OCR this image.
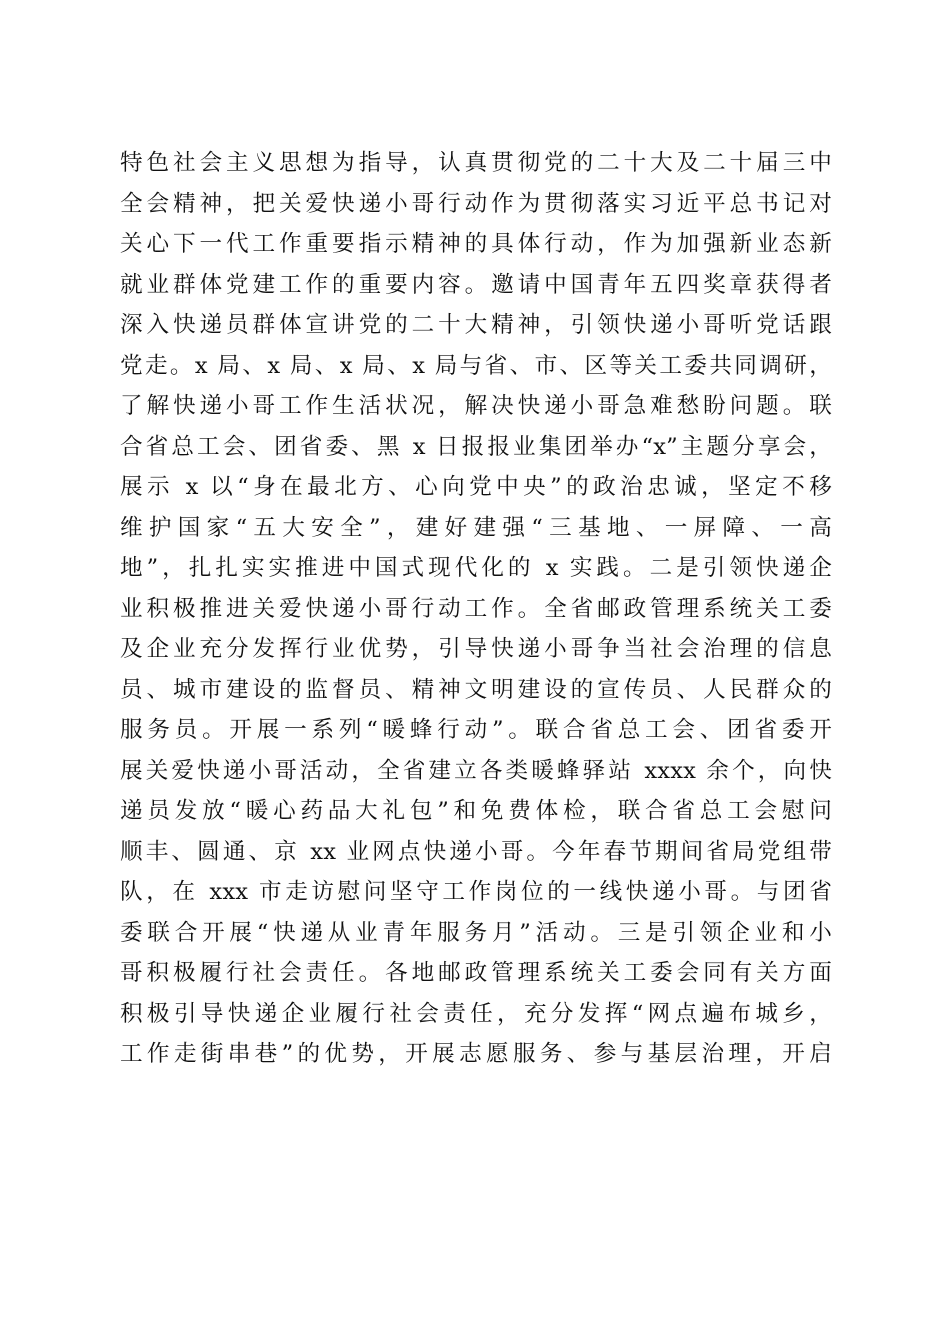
特色社会主义思想为指导，认真贯彻党的二十大及二十届三中
全会精神，把关爱快递小哥行动作为贯彻落实习近平总书记对
关心下一代工作重要指示精神的具体行动，作为加强新业态新
就业群体党建工作的重要内容。邀请中国青年五四奖章获得者
深入快递员群体宣讲党的二十大精神，引领快递小哥听党话跟
党走。x 局、x 局、x 局、x 局与省、市、区等关工委共同调研，
了解快递小哥工作生活状况，解决快递小哥急难愁盼问题。联
合省总工会、团省委、黑 x 日报报业集团举办“x”主题分享会，
展示 x 以“身在最北方、心向党中央”的政治忠诚，坚定不移
维护国家“五大安全”，建好建强“三基地、一屏障、一高
地”，扎扎实实推进中国式现代化的 x 实践。二是引领快递企
业积极推进关爱快递小哥行动工作。全省邮政管理系统关工委
及企业充分发挥行业优势，引导快递小哥争当社会治理的信息
员、城市建设的监督员、精神文明建设的宣传员、人民群众的
服务员。开展一系列“暖蜂行动”。联合省总工会、团省委开
展关爱快递小哥活动，全省建立各类暖蜂驿站 xxxx 余个，向快
递员发放“暖心药品大礼包”和免费体检，联合省总工会慰问
顺丰、圆通、京 xx 业网点快递小哥。今年春节期间省局党组带
队，在 xxx 市走访慰问坚守工作岗位的一线快递小哥。与团省
委联合开展“快递从业青年服务月”活动。三是引领企业和小
哥积极履行社会责任。各地邮政管理系统关工委会同有关方面
积极引导快递企业履行社会责任，充分发挥“网点遍布城乡，
工作走街串巷”的优势，开展志愿服务、参与基层治理，开启
